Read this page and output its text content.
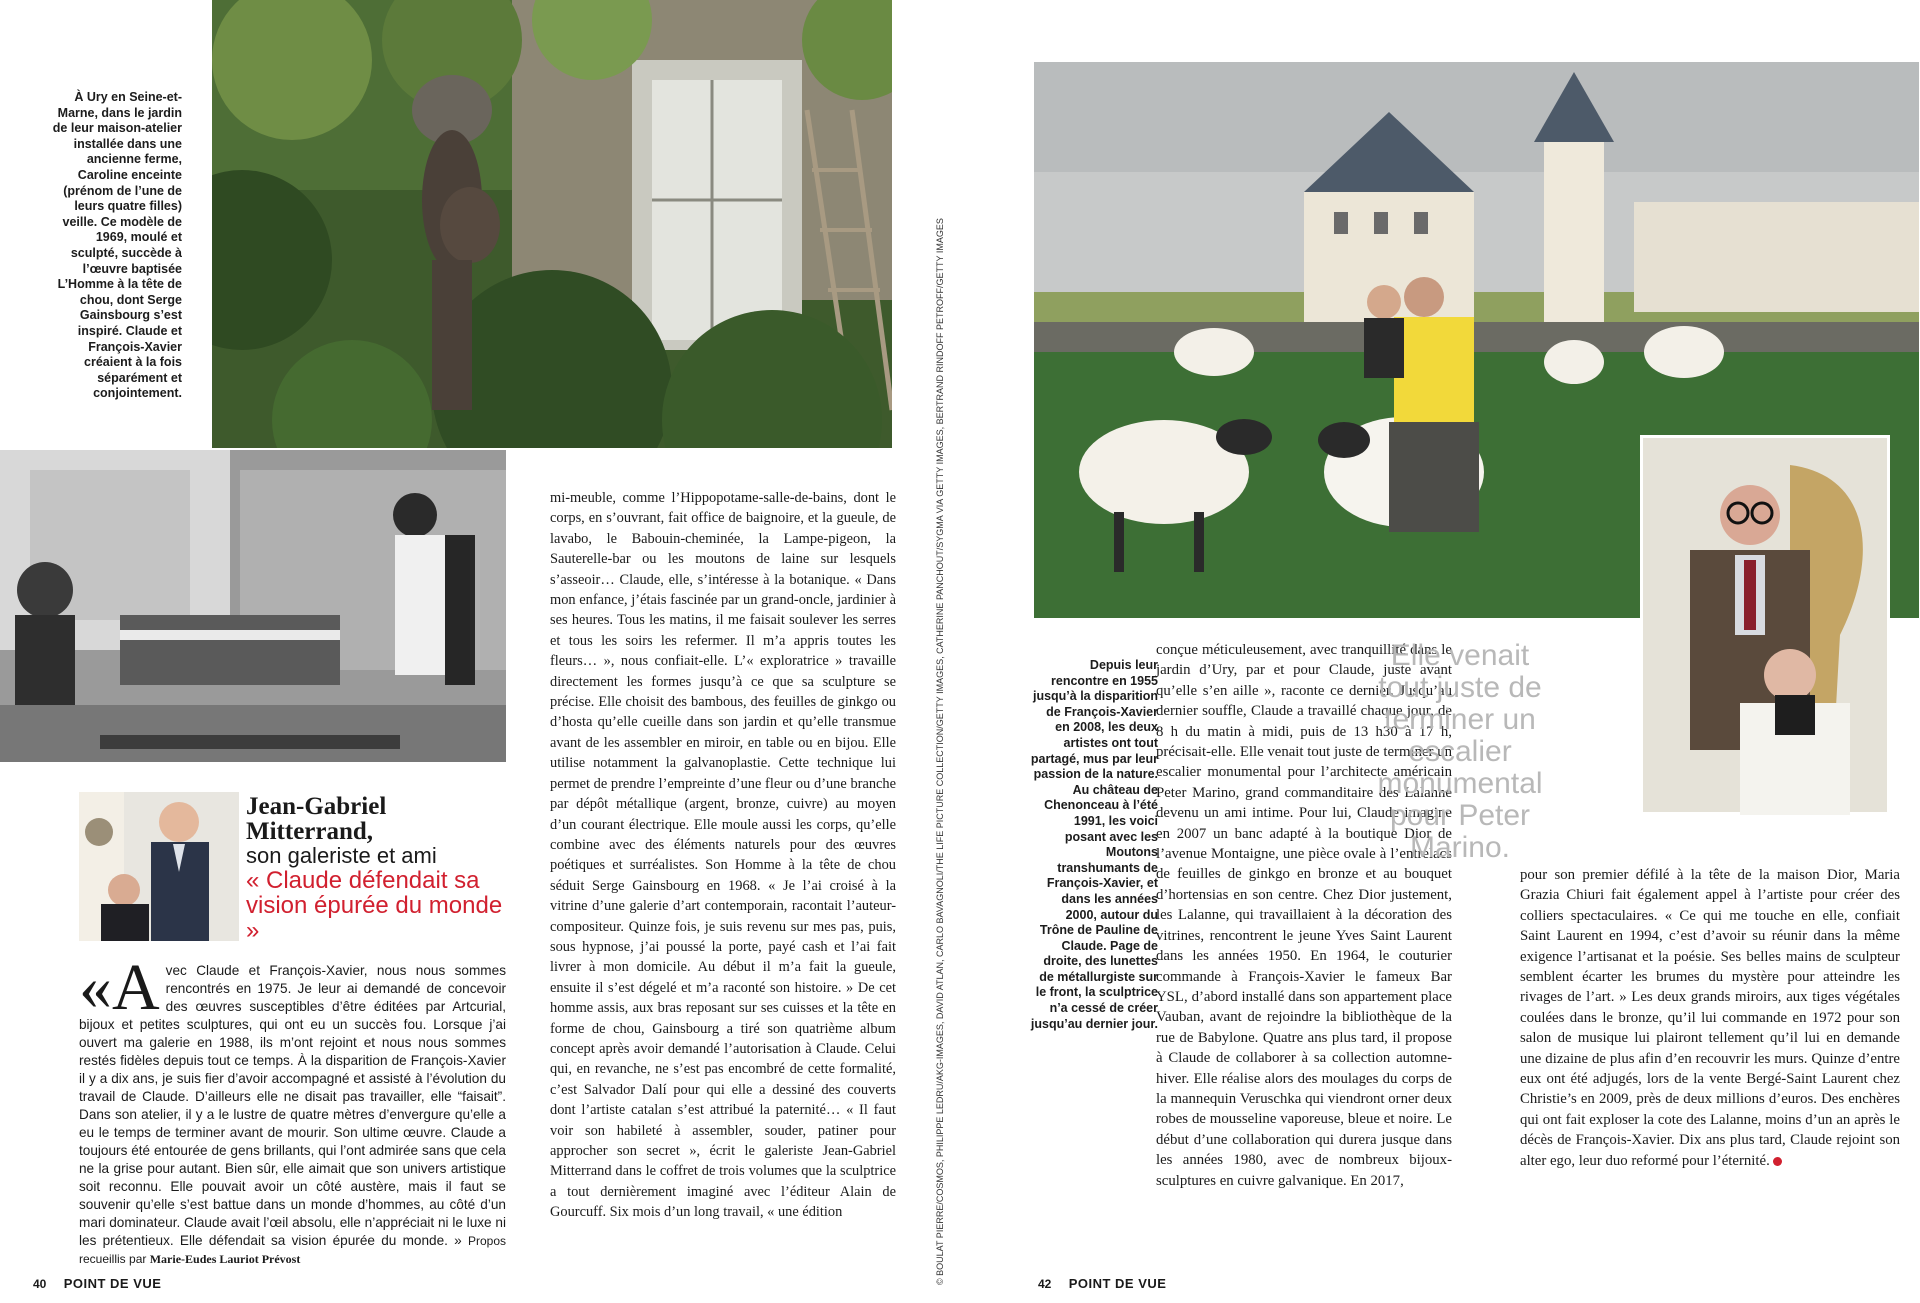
À Ury en Seine-et-Marne, dans le jardin de leur maison-atelier installée dans une ancienne ferme, Caroline enceinte (prénom de l’une de leurs quatre filles) veille. Ce modèle de 1969, moulé et sculpté, succède à l’œuvre baptisée L’Homme à la tête de chou, dont Serge Gainsbourg s’est inspiré. Claude et François-Xavier créaient à la fois séparément et conjointement.
Jean-Gabriel Mitterrand,
son galeriste et ami
« Claude défendait sa vision épurée du monde »

«A vec Claude et François-Xavier, nous nous sommes rencontrés en 1975. Je leur ai demandé de concevoir des œuvres susceptibles d’être éditées par Artcurial, bijoux et petites sculptures, qui ont eu un succès fou. Lorsque j’ai ouvert ma galerie en 1988, ils m’ont rejoint et nous nous sommes restés fidèles depuis tout ce temps. À la disparition de François-Xavier il y a dix ans, je suis fier d’avoir accompagné et assisté à l’évolution du travail de Claude. D’ailleurs elle ne disait pas travailler, elle “faisait”. Dans son atelier, il y a le lustre de quatre mètres d’envergure qu’elle a eu le temps de terminer avant de mourir. Son ultime œuvre. Claude a toujours été entourée de gens brillants, qui l’ont admirée sans que cela ne la grise pour autant. Bien sûr, elle aimait que son univers artistique soit reconnu. Elle pouvait avoir un côté austère, mais il faut se souvenir qu’elle s’est battue dans un monde d’hommes, au côté d’un mari dominateur. Claude avait l’œil absolu, elle n’appréciait ni le luxe ni les prétentieux. Elle défendait sa vision épurée du monde. » Propos recueillis par Marie-Eudes Lauriot Prévost

mi-meuble, comme l’Hippopotame-salle-de-bains, dont le corps, en s’ouvrant, fait office de baignoire, et la gueule, de lavabo, le Babouin-cheminée, la Lampe-pigeon, la Sauterelle-bar ou les moutons de laine sur lesquels s’asseoir… Claude, elle, s’intéresse à la botanique. « Dans mon enfance, j’étais fascinée par un grand-oncle, jardinier à ses heures. Tous les matins, il me faisait soulever les serres et tous les soirs les refermer. Il m’a appris toutes les fleurs… », nous confiait-elle. L’« exploratrice » travaille directement les formes jusqu’à ce que sa sculpture se précise. Elle choisit des bambous, des feuilles de ginkgo ou d’hosta qu’elle cueille dans son jardin et qu’elle transmue avant de les assembler en miroir, en table ou en bijou. Elle utilise notamment la galvanoplastie. Cette technique lui permet de prendre l’empreinte d’une fleur ou d’une branche par dépôt métallique (argent, bronze, cuivre) au moyen d’un courant électrique. Elle moule aussi les corps, qu’elle combine avec des éléments naturels pour des œuvres poétiques et surréalistes. Son Homme à la tête de chou séduit Serge Gainsbourg en 1968. « Je l’ai croisé à la vitrine d’une galerie d’art contemporain, racontait l’auteur-compositeur. Quinze fois, je suis revenu sur mes pas, puis, sous hypnose, j’ai poussé la porte, payé cash et l’ai fait livrer à mon domicile. Au début il m’a fait la gueule, ensuite il s’est dégelé et m’a raconté son histoire. » De cet homme assis, aux bras reposant sur ses cuisses et la tête en forme de chou, Gainsbourg a tiré son quatrième album concept après avoir demandé l’autorisation à Claude. Celui qui, en revanche, ne s’est pas encombré de cette formalité, c’est Salvador Dalí pour qui elle a dessiné des couverts dont l’artiste catalan s’est attribué la paternité… « Il faut voir son habileté à assembler, souder, patiner pour approcher son secret », écrit le galeriste Jean-Gabriel Mitterrand dans le coffret de trois volumes que la sculptrice a tout dernièrement imaginé avec l’éditeur Alain de Gourcuff. Six mois d’un long travail, « une édition

40 POINT DE VUE	© BOULAT PIERRE/COSMOS, PHILIPPE LEDRU/AKG-IMAGES, DAVID ATLAN, CARLO BAVAGNOLI/THE LIFE PICTURE COLLECTION/GETTY IMAGES, CATHERINE PANCHOUT/SYGMA VIA GETTY IMAGES, BERTRAND RINDOFF PETROFF/GETTY IMAGES	Depuis leur rencontre en 1955 jusqu’à la disparition de François-Xavier en 2008, les deux artistes ont tout partagé, mus par leur passion de la nature. Au château de Chenonceau à l’été 1991, les voici posant avec les Moutons transhumants de François-Xavier, et dans les années 2000, autour du Trône de Pauline de Claude. Page de droite, des lunettes de métallurgiste sur le front, la sculptrice n’a cessé de créer jusqu’au dernier jour.

conçue méticuleusement, avec tranquillité dans le jardin d’Ury, par et pour Claude, juste avant qu’elle s’en aille », raconte ce dernier. Jusqu’au dernier souffle, Claude a travaillé chaque jour, de 8 h du matin à midi, puis de 13 h30 à 17 h, précisait-elle. Elle venait tout juste de terminer un escalier monumental pour l’architecte américain Peter Marino, grand commanditaire des Lalanne devenu un ami intime. Pour lui, Claude imagine en 2007 un banc adapté à la boutique Dior de l’avenue Montaigne, une pièce ovale à l’entrelacs de feuilles de ginkgo en bronze et au bouquet d’hortensias en son centre. Chez Dior justement, les Lalanne, qui travaillaient à la décoration des vitrines, rencontrent le jeune Yves Saint Laurent dans les années 1950. En 1964, le couturier commande à François-Xavier le fameux Bar YSL, d’abord installé dans son appartement place Vauban, avant de rejoindre la bibliothèque de la rue de Babylone. Quatre ans plus tard, il propose à Claude de collaborer à sa collection automne-hiver. Elle réalise alors des moulages du corps de la mannequin Veruschka qui viendront orner deux robes de mousseline vaporeuse, bleue et noire. Le début d’une collaboration qui durera jusque dans les années 1980, avec de nombreux bijoux-sculptures en cuivre galvanique. En 2017,

Elle venait tout juste de terminer un escalier monumental pour Peter Marino.

pour son premier défilé à la tête de la maison Dior, Maria Grazia Chiuri fait également appel à l’artiste pour créer des colliers spectaculaires. « Ce qui me touche en elle, confiait Saint Laurent en 1994, c’est d’avoir su réunir dans la même exigence l’artisanat et la poésie. Ses belles mains de sculpteur semblent écarter les brumes du mystère pour atteindre les rivages de l’art. » Les deux grands miroirs, aux tiges végétales coulées dans le bronze, qu’il lui commande en 1972 pour son salon de musique lui plairont tellement qu’il lui en demande une dizaine de plus afin d’en recouvrir les murs. Quinze d’entre eux ont été adjugés, lors de la vente Bergé-Saint Laurent chez Christie’s en 2009, près de deux millions d’euros. Des enchères qui ont fait exploser la cote des Lalanne, moins d’un an après le décès de François-Xavier. Dix ans plus tard, Claude rejoint son alter ego, leur duo reformé pour l’éternité.

42 POINT DE VUE
